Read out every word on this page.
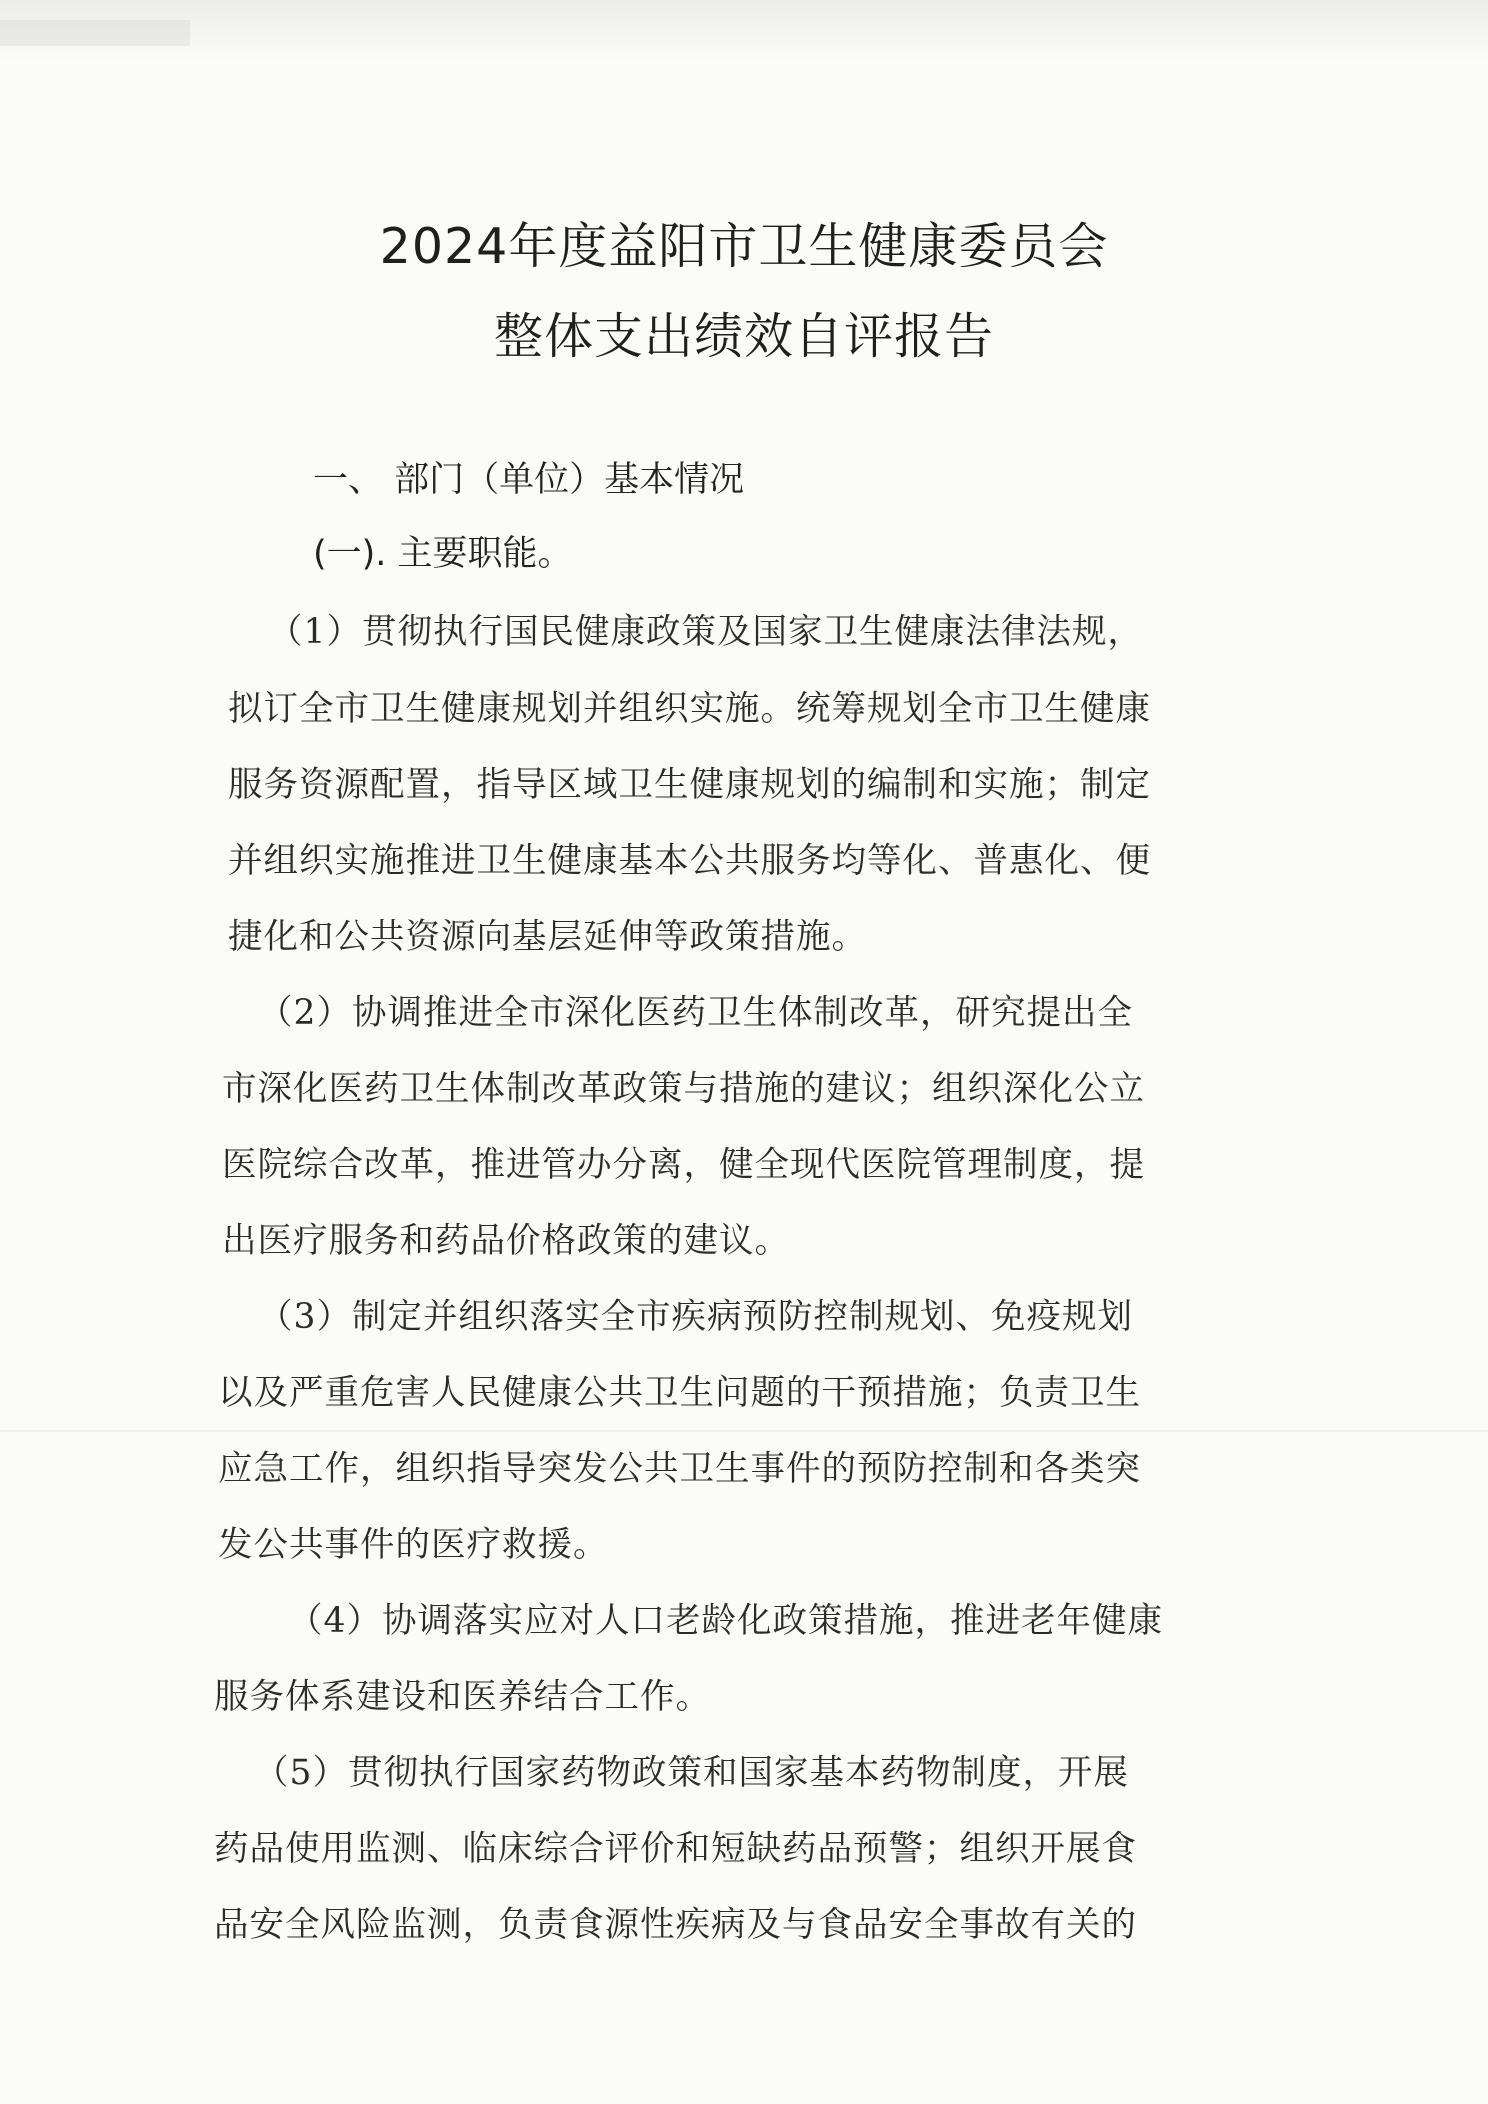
2024年度益阳市卫生健康委员会
整体支出绩效自评报告
一、 部门（单位）基本情况
(一). 主要职能。
（1）贯彻执行国民健康政策及国家卫生健康法律法规，
拟订全市卫生健康规划并组织实施。统筹规划全市卫生健康
服务资源配置，指导区域卫生健康规划的编制和实施；制定
并组织实施推进卫生健康基本公共服务均等化、普惠化、便
捷化和公共资源向基层延伸等政策措施。
（2）协调推进全市深化医药卫生体制改革，研究提出全
市深化医药卫生体制改革政策与措施的建议；组织深化公立
医院综合改革，推进管办分离，健全现代医院管理制度，提
出医疗服务和药品价格政策的建议。
（3）制定并组织落实全市疾病预防控制规划、免疫规划
以及严重危害人民健康公共卫生问题的干预措施；负责卫生
应急工作，组织指导突发公共卫生事件的预防控制和各类突
发公共事件的医疗救援。
（4）协调落实应对人口老龄化政策措施，推进老年健康
服务体系建设和医养结合工作。
（5）贯彻执行国家药物政策和国家基本药物制度，开展
药品使用监测、临床综合评价和短缺药品预警；组织开展食
品安全风险监测，负责食源性疾病及与食品安全事故有关的
